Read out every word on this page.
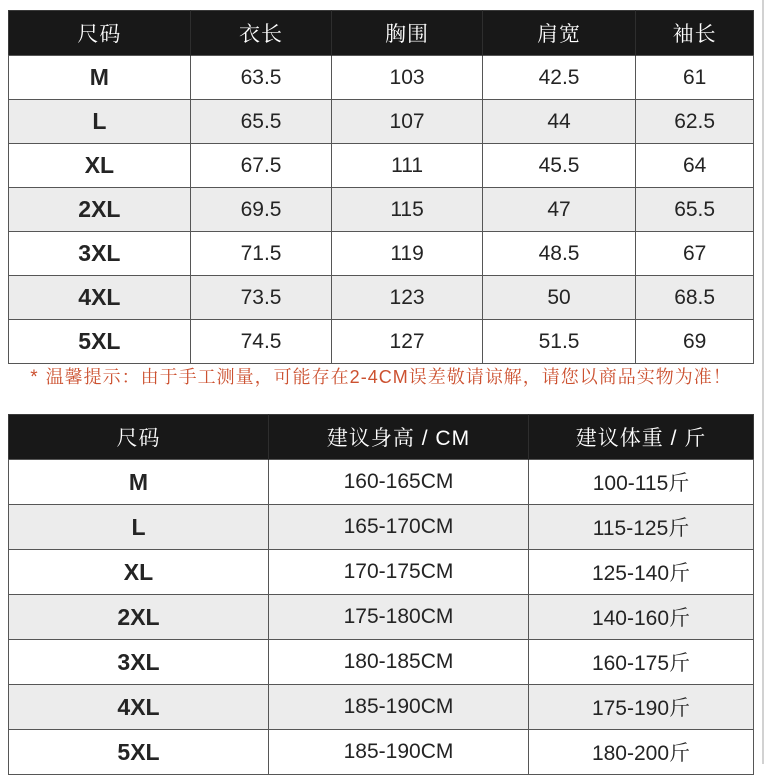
尺码	衣长	胸围	肩宽	袖长
M	63.5	103	42.5	61
L	65.5	107	44	62.5
XL	67.5	111	45.5	64
2XL	69.5	115	47	65.5
3XL	71.5	119	48.5	67
4XL	73.5	123	50	68.5
5XL	74.5	127	51.5	69
* 温馨提示：由于手工测量，可能存在2-4CM误差敬请谅解，请您以商品实物为准！
尺码	建议身高 / CM	建议体重 / 斤
M	160-165CM	100-115斤
L	165-170CM	115-125斤
XL	170-175CM	125-140斤
2XL	175-180CM	140-160斤
3XL	180-185CM	160-175斤
4XL	185-190CM	175-190斤
5XL	185-190CM	180-200斤
